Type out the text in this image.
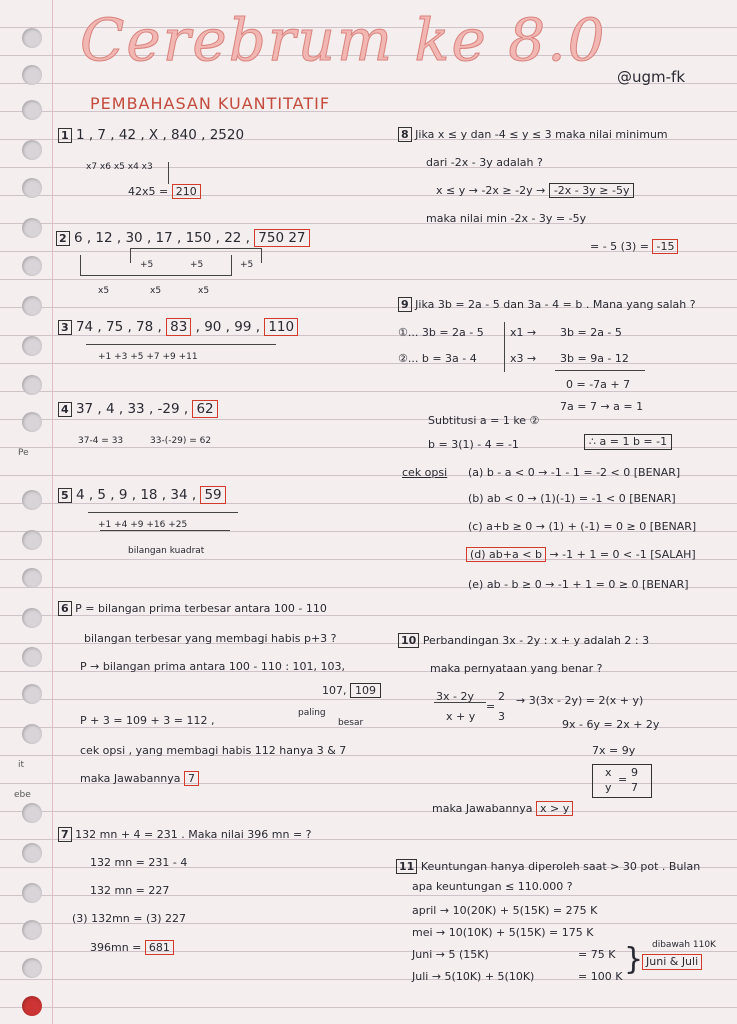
Pe
it
ebe
Cerebrum ke 8.0
@ugm-fk
PEMBAHASAN KUANTITATIF
1 1 , 7 , 42 , X , 840 , 2520
x7 x6 x5 x4 x3
42x5 = 210
2 6 , 12 , 30 , 17 , 150 , 22 , 750 27
+5	+5	+5
x5	x5	x5
3 74 , 75 , 78 , 83 , 90 , 99 , 110
+1 +3 +5 +7 +9 +11
4 37 , 4 , 33 , -29 , 62
37-4 = 33	33-(-29) = 62
5 4 , 5 , 9 , 18 , 34 , 59
+1 +4 +9 +16 +25
bilangan kuadrat
6 P = bilangan prima terbesar antara 100 - 110
bilangan terbesar yang membagi habis p+3 ?
P → bilangan prima antara 100 - 110 : 101, 103,
107, 109
paling
besar
P + 3 = 109 + 3 = 112 ,
cek opsi , yang membagi habis 112 hanya 3 & 7
maka Jawabannya 7
7 132 mn + 4 = 231 . Maka nilai 396 mn = ?
132 mn = 231 - 4
132 mn = 227
(3) 132mn = (3) 227
396mn = 681
8 Jika x ≤ y dan -4 ≤ y ≤ 3 maka nilai minimum
dari -2x - 3y adalah ?
x ≤ y → -2x ≥ -2y → -2x - 3y ≥ -5y
maka nilai min -2x - 3y = -5y
= - 5 (3) = -15
9 Jika 3b = 2a - 5 dan 3a - 4 = b . Mana yang salah ?
①... 3b = 2a - 5
②... b = 3a - 4
x1 →
x3 →
3b = 2a - 5
3b = 9a - 12
0 = -7a + 7
7a = 7 → a = 1
Subtitusi a = 1 ke ②
b = 3(1) - 4 = -1	∴ a = 1 b = -1
cek opsi (a) b - a < 0 → -1 - 1 = -2 < 0 [BENAR]
(b) ab < 0 → (1)(-1) = -1 < 0 [BENAR]
(c) a+b ≥ 0 → (1) + (-1) = 0 ≥ 0 [BENAR]
(d) ab+a < b → -1 + 1 = 0 < -1 [SALAH]
(e) ab - b ≥ 0 → -1 + 1 = 0 ≥ 0 [BENAR]
10 Perbandingan 3x - 2y : x + y adalah 2 : 3
maka pernyataan yang benar ?
3x - 2y
x + y
=
2
3
→ 3(3x - 2y) = 2(x + y)
9x - 6y = 2x + 2y
7x = 9y
x
y
=
9
7
maka Jawabannya x > y
11 Keuntungan hanya diperoleh saat > 30 pot . Bulan
apa keuntungan ≤ 110.000 ?
april → 10(20K) + 5(15K) = 275 K
mei → 10(10K) + 5(15K) = 175 K
Juni → 5 (15K)	= 75 K
Juli → 5(10K) + 5(10K)	= 100 K } dibawah 110K
Juni & Juli
